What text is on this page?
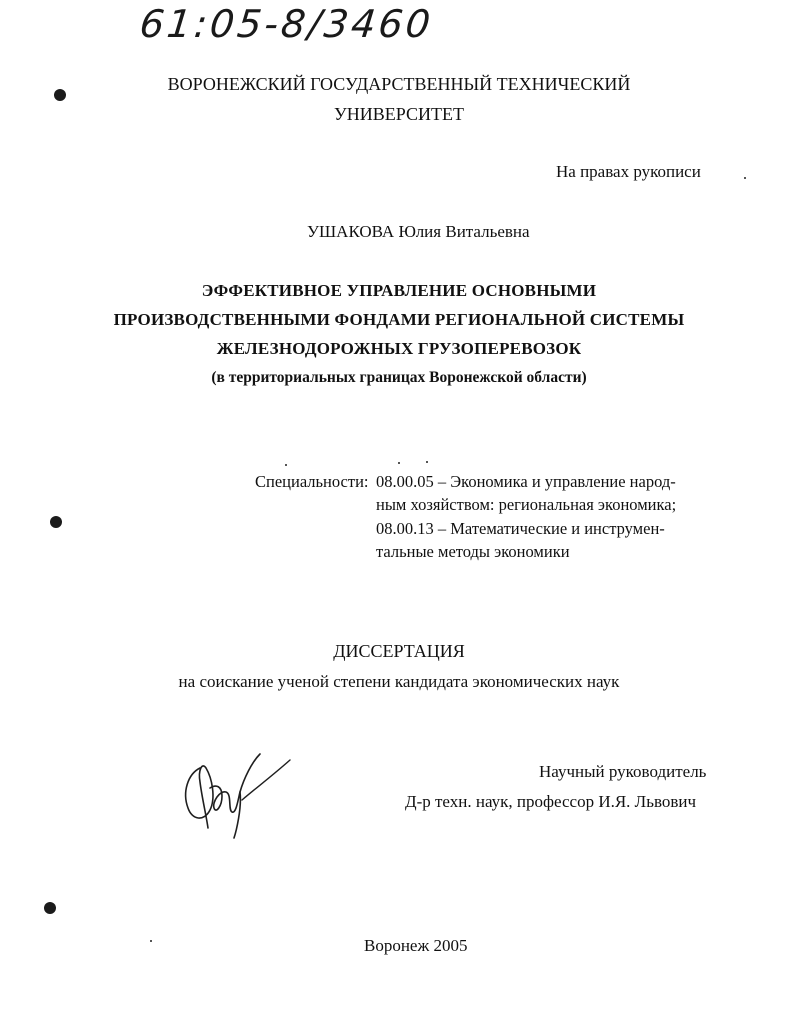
61:05-8/3460
ВОРОНЕЖСКИЙ ГОСУДАРСТВЕННЫЙ ТЕХНИЧЕСКИЙ
УНИВЕРСИТЕТ
На правах рукописи
УШАКОВА Юлия Витальевна
ЭФФЕКТИВНОЕ УПРАВЛЕНИЕ ОСНОВНЫМИ
ПРОИЗВОДСТВЕННЫМИ ФОНДАМИ РЕГИОНАЛЬНОЙ СИСТЕМЫ
ЖЕЛЕЗНОДОРОЖНЫХ ГРУЗОПЕРЕВОЗОК
(в территориальных границах Воронежской области)
Специальности: 08.00.05 – Экономика и управление народ-
ным хозяйством: региональная экономика;
08.00.13 – Математические и инструмен-
тальные методы экономики
ДИССЕРТАЦИЯ
на соискание ученой степени кандидата экономических наук
Научный руководитель
Д-р техн. наук, профессор И.Я. Львович
Воронеж 2005
